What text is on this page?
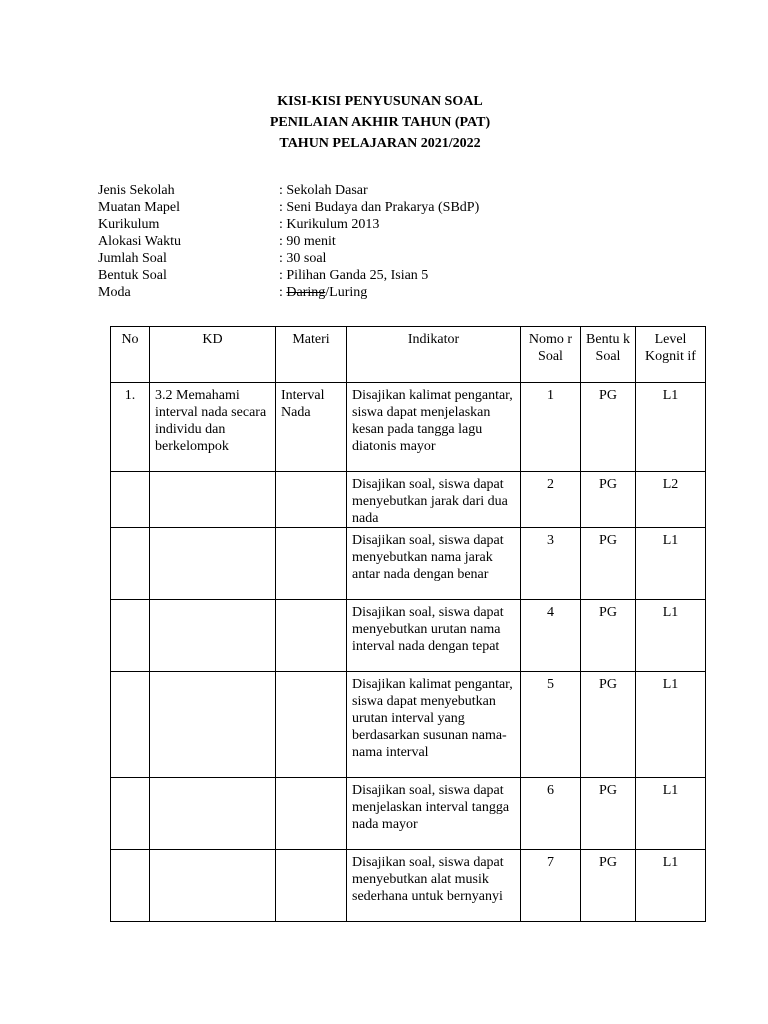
KISI-KISI PENYUSUNAN SOAL
PENILAIAN AKHIR TAHUN (PAT)
TAHUN PELAJARAN 2021/2022
Jenis Sekolah	: Sekolah Dasar
Muatan Mapel	: Seni Budaya dan Prakarya (SBdP)
Kurikulum	: Kurikulum 2013
Alokasi Waktu	: 90 menit
Jumlah Soal	: 30 soal
Bentuk Soal	: Pilihan Ganda 25, Isian 5
Moda	: Daring/Luring
No	KD	Materi	Indikator	Nomo r Soal	Bentu k Soal	Level Kognit if
1.	3.2 Memahami interval nada secara individu dan berkelompok	Interval Nada	Disajikan kalimat pengantar, siswa dapat menjelaskan kesan pada tangga lagu diatonis mayor	1	PG	L1
			Disajikan soal, siswa dapat menyebutkan jarak dari dua nada	2	PG	L2
			Disajikan soal, siswa dapat menyebutkan nama jarak antar nada dengan benar	3	PG	L1
			Disajikan soal, siswa dapat menyebutkan urutan nama interval nada dengan tepat	4	PG	L1
			Disajikan kalimat pengantar, siswa dapat menyebutkan urutan interval yang berdasarkan susunan nama-nama interval	5	PG	L1
			Disajikan soal, siswa dapat menjelaskan interval tangga nada mayor	6	PG	L1
			Disajikan soal, siswa dapat menyebutkan alat musik sederhana untuk bernyanyi	7	PG	L1
